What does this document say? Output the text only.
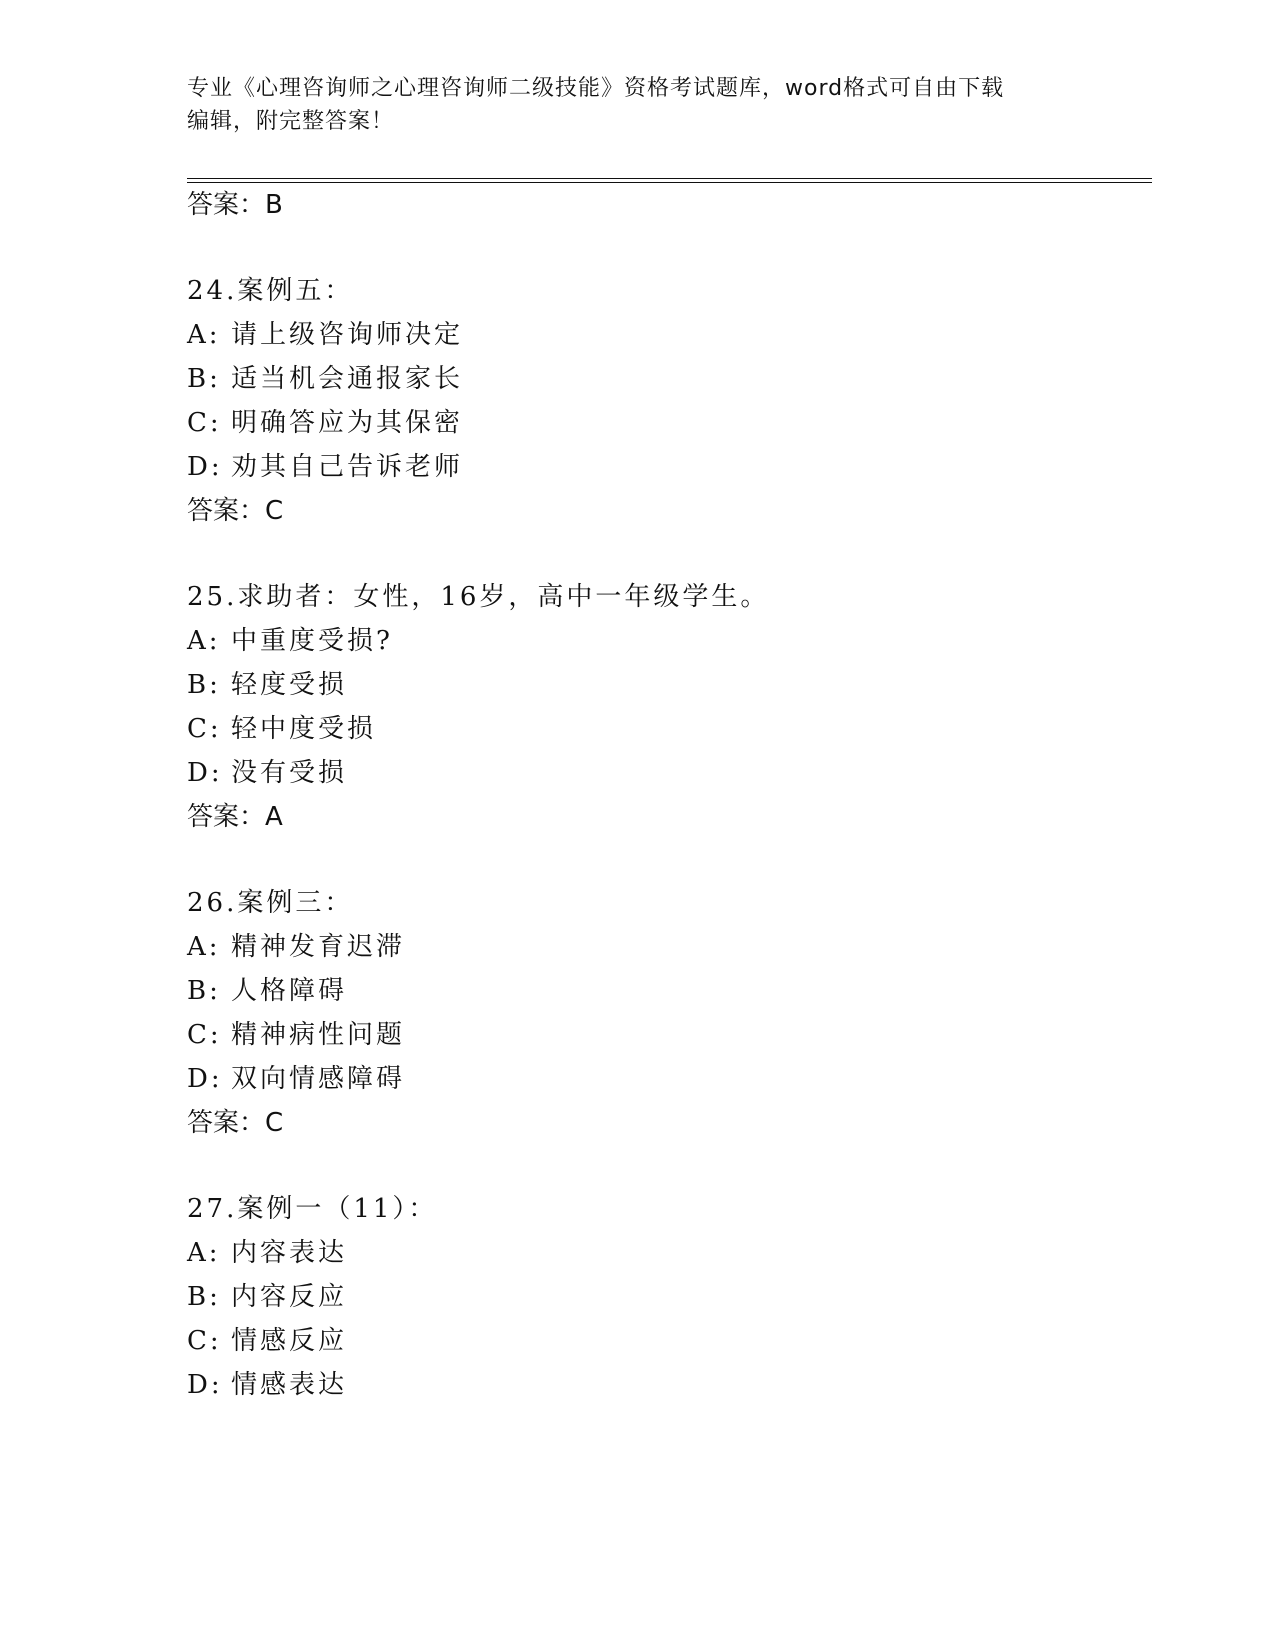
专业《心理咨询师之心理咨询师二级技能》资格考试题库，word格式可自由下载
编辑，附完整答案！
答案：B
24.案例五：
A: 请上级咨询师决定
B: 适当机会通报家长
C: 明确答应为其保密
D: 劝其自己告诉老师
答案：C
25.求助者：女性，16岁，高中一年级学生。
A: 中重度受损?
B: 轻度受损
C: 轻中度受损
D: 没有受损
答案：A
26.案例三：
A: 精神发育迟滞
B: 人格障碍
C: 精神病性问题
D: 双向情感障碍
答案：C
27.案例一（11）：
A: 内容表达
B: 内容反应
C: 情感反应
D: 情感表达
